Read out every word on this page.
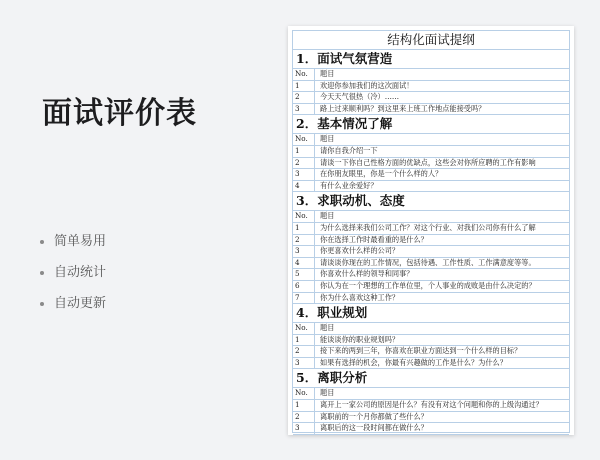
面试评价表
简单易用
自动统计
自动更新
结构化面试提纲
1．面试气氛营造
No.	题目
1	欢迎你参加我们的这次面试！
2	今天天气很热（冷）……
3	路上过来顺利吗？到这里来上班工作地点能接受吗？
2．基本情况了解
No.	题目
1	请你自我介绍一下
2	请谈一下你自己性格方面的优缺点，这些会对你所应聘的工作有影响
3	在你朋友眼里，你是一个什么样的人？
4	有什么业余爱好？
3．求职动机、态度
No.	题目
1	为什么选择来我们公司工作？对这个行业、对我们公司你有什么了解
2	你在选择工作时最看重的是什么？
3	你更喜欢什么样的公司？
4	请谈谈你现在的工作情况，包括待遇、工作性质、工作满意度等等。
5	你喜欢什么样的领导和同事？
6	你认为在一个理想的工作单位里，个人事业的成败是由什么决定的？
7	你为什么喜欢这种工作？
4．职业规划
No.	题目
1	能谈谈你的职业规划吗？
2	接下来的两到三年，你喜欢在职业方面达到一个什么样的目标？
3	如果有选择的机会，你最有兴趣做的工作是什么？为什么？
5．离职分析
No.	题目
1	离开上一家公司的原因是什么？有没有对这个问题和你的上级沟通过？
2	离职前的一个月你都做了些什么？
3	离职后的这一段时间都在做什么？
